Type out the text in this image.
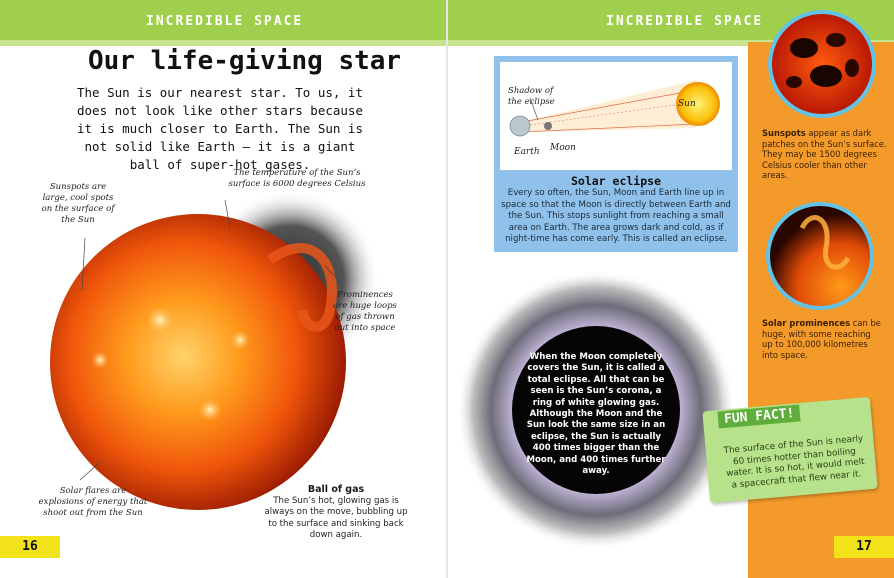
INCREDIBLE SPACE	INCREDIBLE SPACE
Our life-giving star
The Sun is our nearest star. To us, it does not look like other stars because it is much closer to Earth. The Sun is not solid like Earth – it is a giant ball of super-hot gases.
Sunspots are large, cool spots on the surface of the Sun
The temperature of the Sun’s surface is 6000 degrees Celsius
Prominences are huge loops of gas thrown out into space
Solar flares are explosions of energy that shoot out from the Sun
Ball of gas
The Sun’s hot, glowing gas is always on the move, bubbling up to the surface and sinking back down again.
Sun
Earth Moon
Shadow of the eclipse
Solar eclipse
Every so often, the Sun, Moon and Earth line up in space so that the Moon is directly between Earth and the Sun. This stops sunlight from reaching a small area on Earth. The area grows dark and cold, as if night-time has come early. This is called an eclipse.
When the Moon completely covers the Sun, it is called a total eclipse. All that can be seen is the Sun’s corona, a ring of white glowing gas. Although the Moon and the Sun look the same size in an eclipse, the Sun is actually 400 times bigger than the Moon, and 400 times further away.
Sunspots appear as dark patches on the Sun’s surface. They may be 1500 degrees Celsius cooler than other areas.
Solar prominences can be huge, with some reaching up to 100,000 kilometres into space.
FUN FACT!
The surface of the Sun is nearly 60 times hotter than boiling water. It is so hot, it would melt a spacecraft that flew near it.
16	17
